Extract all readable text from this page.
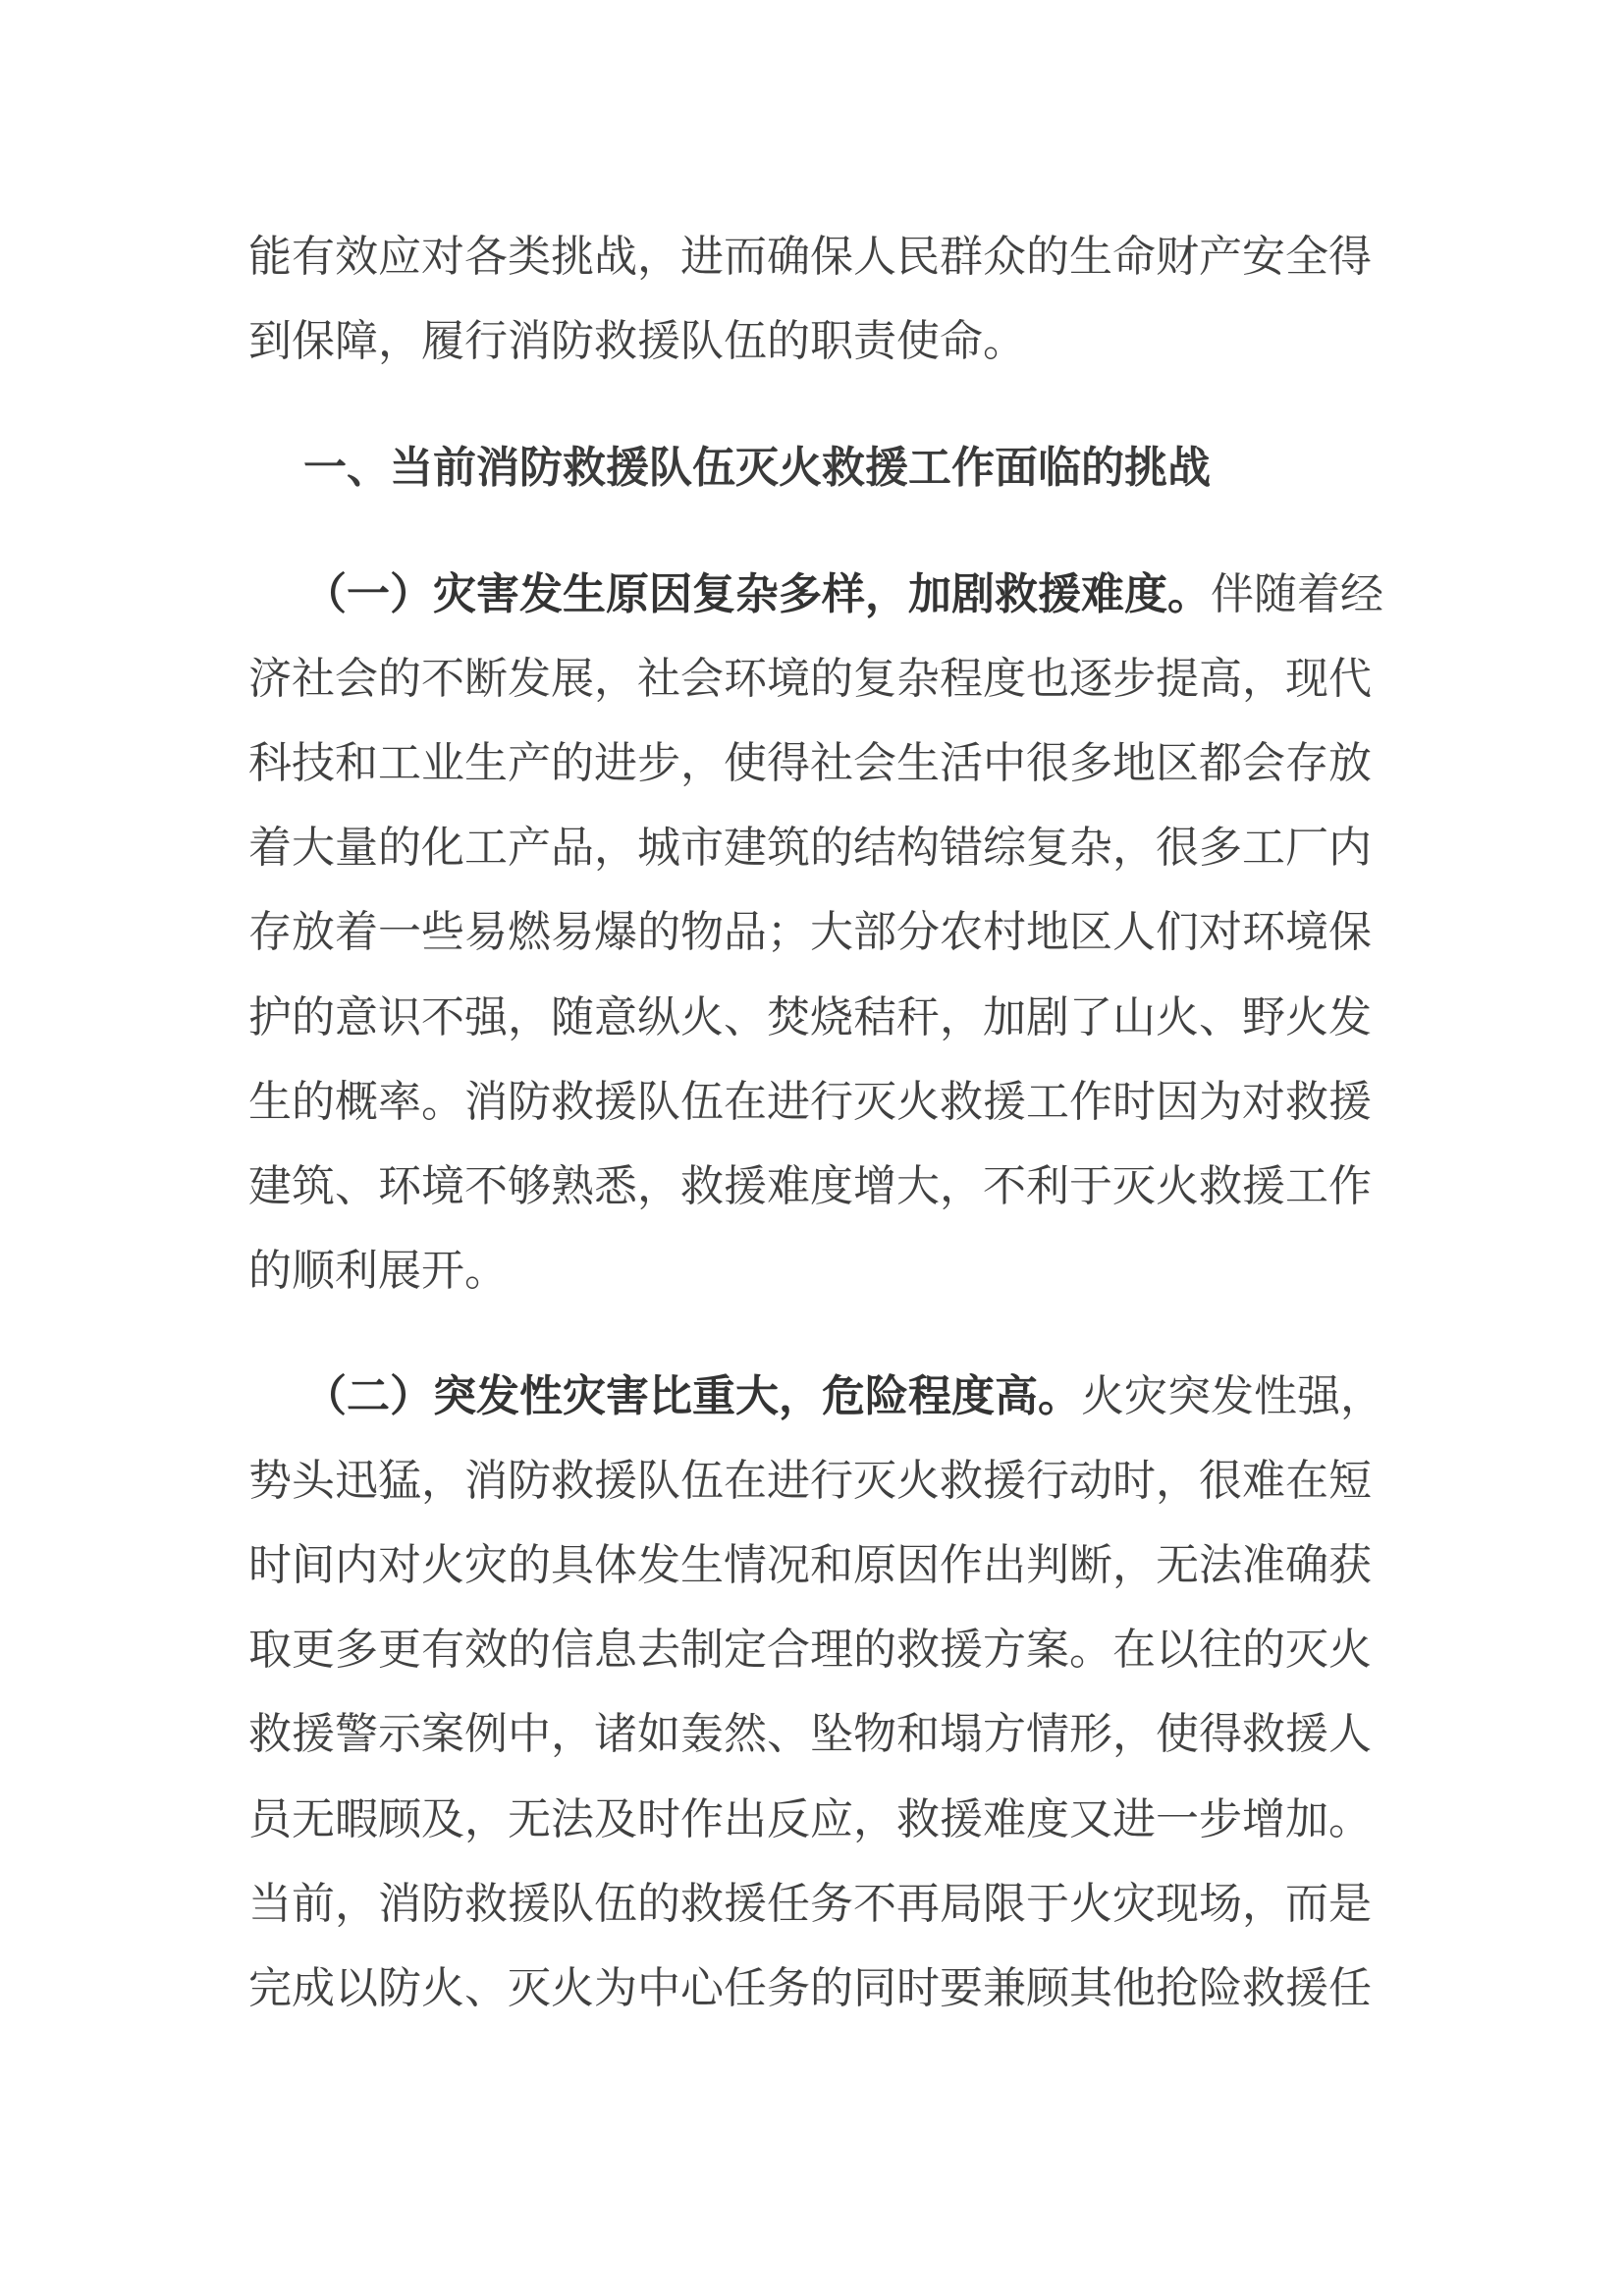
能有效应对各类挑战，进而确保人民群众的生命财产安全得
到保障，履行消防救援队伍的职责使命。
一、当前消防救援队伍灭火救援工作面临的挑战
（一）灾害发生原因复杂多样，加剧救援难度。伴随着经
济社会的不断发展，社会环境的复杂程度也逐步提高，现代
科技和工业生产的进步，使得社会生活中很多地区都会存放
着大量的化工产品，城市建筑的结构错综复杂，很多工厂内
存放着一些易燃易爆的物品；大部分农村地区人们对环境保
护的意识不强，随意纵火、焚烧秸秆，加剧了山火、野火发
生的概率。消防救援队伍在进行灭火救援工作时因为对救援
建筑、环境不够熟悉，救援难度增大，不利于灭火救援工作
的顺利展开。
（二）突发性灾害比重大，危险程度高。火灾突发性强，
势头迅猛，消防救援队伍在进行灭火救援行动时，很难在短
时间内对火灾的具体发生情况和原因作出判断，无法准确获
取更多更有效的信息去制定合理的救援方案。在以往的灭火
救援警示案例中，诸如轰然、坠物和塌方情形，使得救援人
员无暇顾及，无法及时作出反应，救援难度又进一步增加。
当前，消防救援队伍的救援任务不再局限于火灾现场，而是
完成以防火、灭火为中心任务的同时要兼顾其他抢险救援任
